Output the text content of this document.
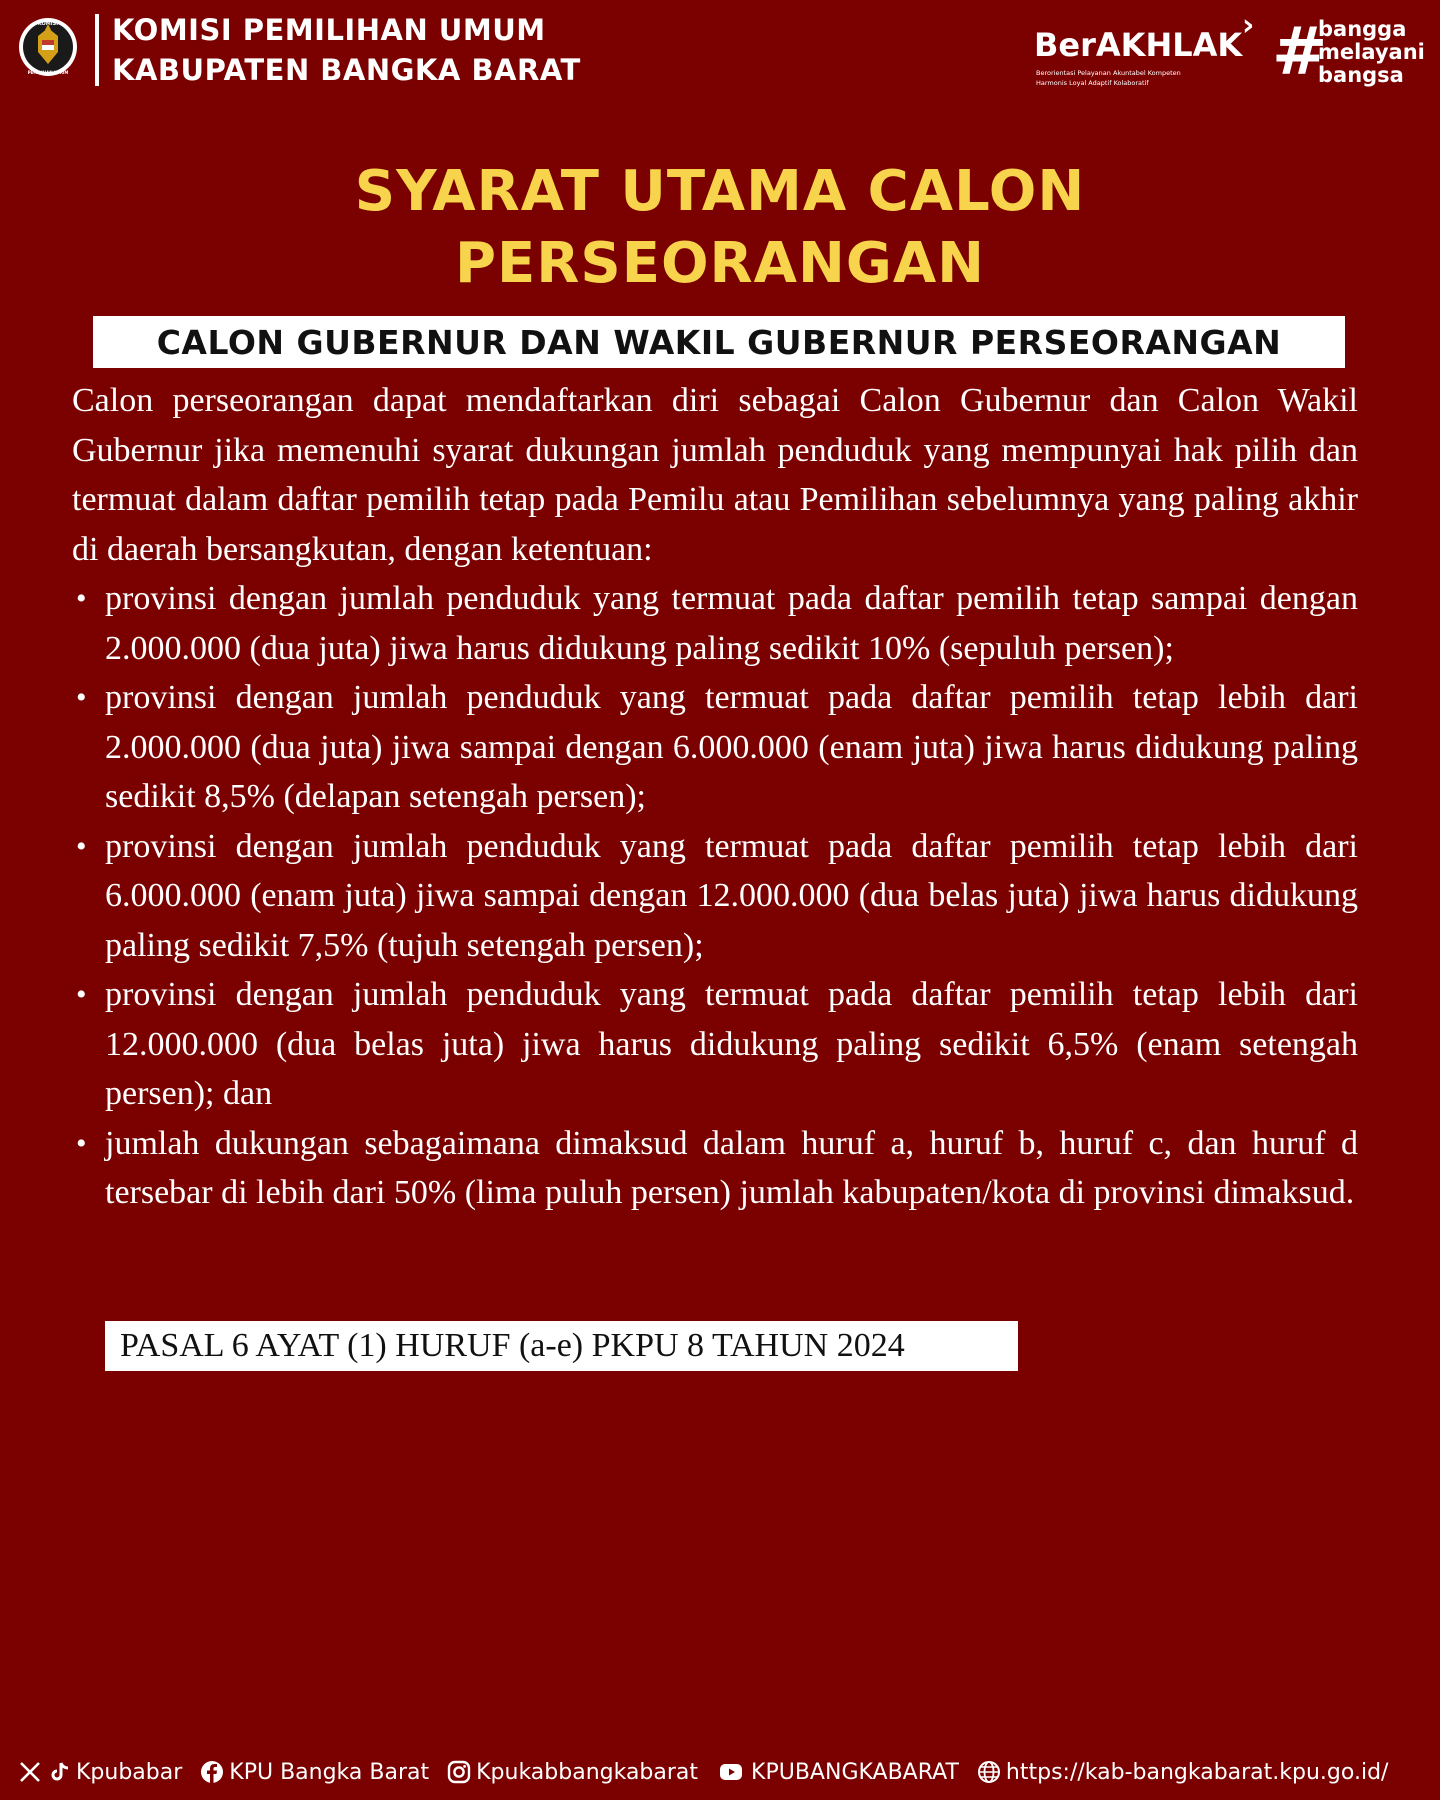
KOMISI
PEMILIHAN UMUM
KOMISI PEMILIHAN UMUM
KABUPATEN BANGKA BARAT
BerAKHLAK
›
Berorientasi Pelayanan Akuntabel Kompeten
Harmonis Loyal Adaptif Kolaboratif	#
bangga
melayani
bangsa
SYARAT UTAMA CALON
PERSEORANGAN
CALON GUBERNUR DAN WAKIL GUBERNUR PERSEORANGAN

Calon perseorangan dapat mendaftarkan diri sebagai Calon Gubernur dan Calon Wakil Gubernur jika memenuhi syarat dukungan jumlah penduduk yang mempunyai hak pilih dan termuat dalam daftar pemilih tetap pada Pemilu atau Pemilihan sebelumnya yang paling akhir di daerah bersangkutan, dengan ketentuan:

• provinsi dengan jumlah penduduk yang termuat pada daftar pemilih tetap sampai dengan 2.000.000 (dua juta) jiwa harus didukung paling sedikit 10% (sepuluh persen);
• provinsi dengan jumlah penduduk yang termuat pada daftar pemilih tetap lebih dari 2.000.000 (dua juta) jiwa sampai dengan 6.000.000 (enam juta) jiwa harus didukung paling sedikit 8,5% (delapan setengah persen);
• provinsi dengan jumlah penduduk yang termuat pada daftar pemilih tetap lebih dari 6.000.000 (enam juta) jiwa sampai dengan 12.000.000 (dua belas juta) jiwa harus didukung paling sedikit 7,5% (tujuh setengah persen);
• provinsi dengan jumlah penduduk yang termuat pada daftar pemilih tetap lebih dari 12.000.000 (dua belas juta) jiwa harus didukung paling sedikit 6,5% (enam setengah persen); dan
• jumlah dukungan sebagaimana dimaksud dalam huruf a, huruf b, huruf c, dan huruf d tersebar di lebih dari 50% (lima puluh persen) jumlah kabupaten/kota di provinsi dimaksud.
PASAL 6 AYAT (1) HURUF (a-e) PKPU 8 TAHUN 2024
Kpubabar KPU Bangka Barat Kpukabbangkabarat KPUBANGKABARAT https://kab-bangkabarat.kpu.go.id/
